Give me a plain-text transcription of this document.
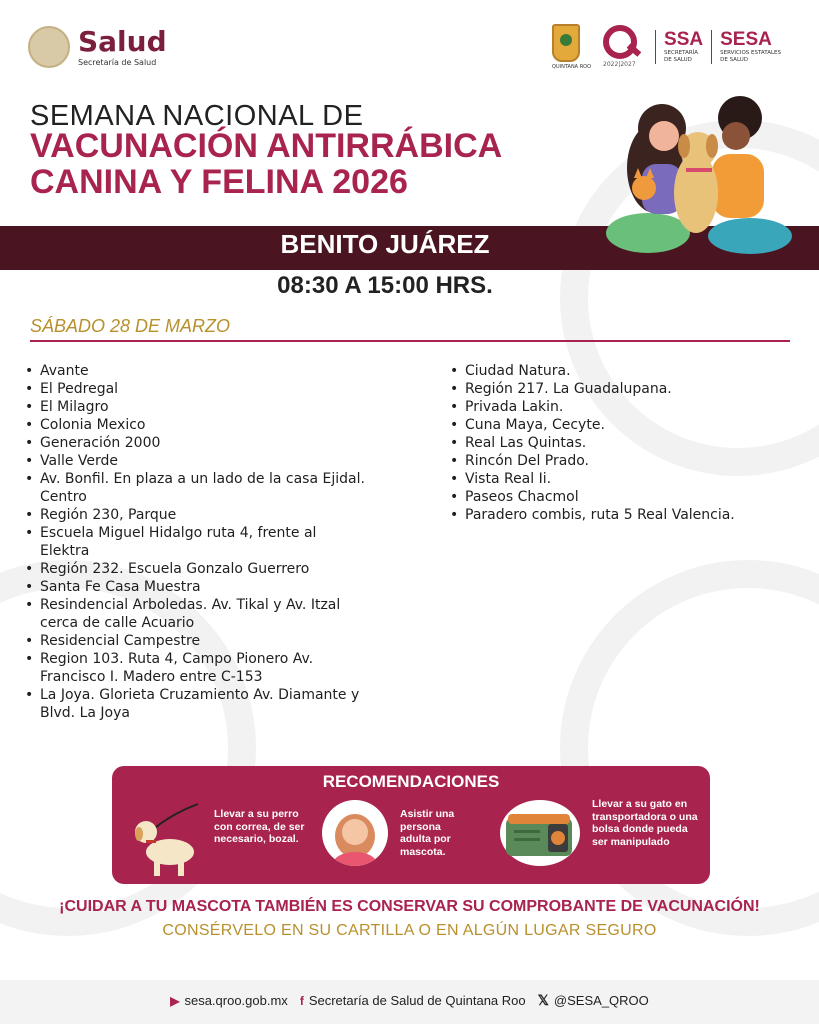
Salud
Secretaría de Salud
QUINTANA ROO 2022|2027
SSA
SECRETARÍA
DE SALUD
SESA
SERVICIOS ESTATALES
DE SALUD
SEMANA NACIONAL DE
VACUNACIÓN ANTIRRÁBICA
CANINA Y FELINA 2026
BENITO JUÁREZ
08:30 A 15:00 HRS.
SÁBADO 28 DE MARZO
• Avante
• El Pedregal
• El Milagro
• Colonia Mexico
• Generación 2000
• Valle Verde
• Av. Bonfil. En plaza a un lado de la casa Ejidal. Centro
• Región 230, Parque
• Escuela Miguel Hidalgo ruta 4, frente al Elektra
• Región 232. Escuela Gonzalo Guerrero
• Santa Fe Casa Muestra
• Resindencial Arboledas. Av. Tikal y Av. Itzal cerca de calle Acuario
• Residencial Campestre
• Region 103. Ruta 4, Campo Pionero Av. Francisco I. Madero entre C-153
• La Joya. Glorieta Cruzamiento Av. Diamante y Blvd. La Joya
• Ciudad Natura.
• Región 217. La Guadalupana.
• Privada Lakin.
• Cuna Maya, Cecyte.
• Real Las Quintas.
• Rincón Del Prado.
• Vista Real Ii.
• Paseos Chacmol
• Paradero combis, ruta 5 Real Valencia.
RECOMENDACIONES
Llevar a su perro con correa, de ser necesario, bozal.
Asistir una persona adulta por mascota.
Llevar a su gato en transportadora o una bolsa donde pueda ser manipulado
¡CUIDAR A TU MASCOTA TAMBIÉN ES CONSERVAR SU COMPROBANTE DE VACUNACIÓN!
CONSÉRVELO EN SU CARTILLA O EN ALGÚN LUGAR SEGURO
▶ sesa.qroo.gob.mx f Secretaría de Salud de Quintana Roo 𝕏 @SESA_QROO
